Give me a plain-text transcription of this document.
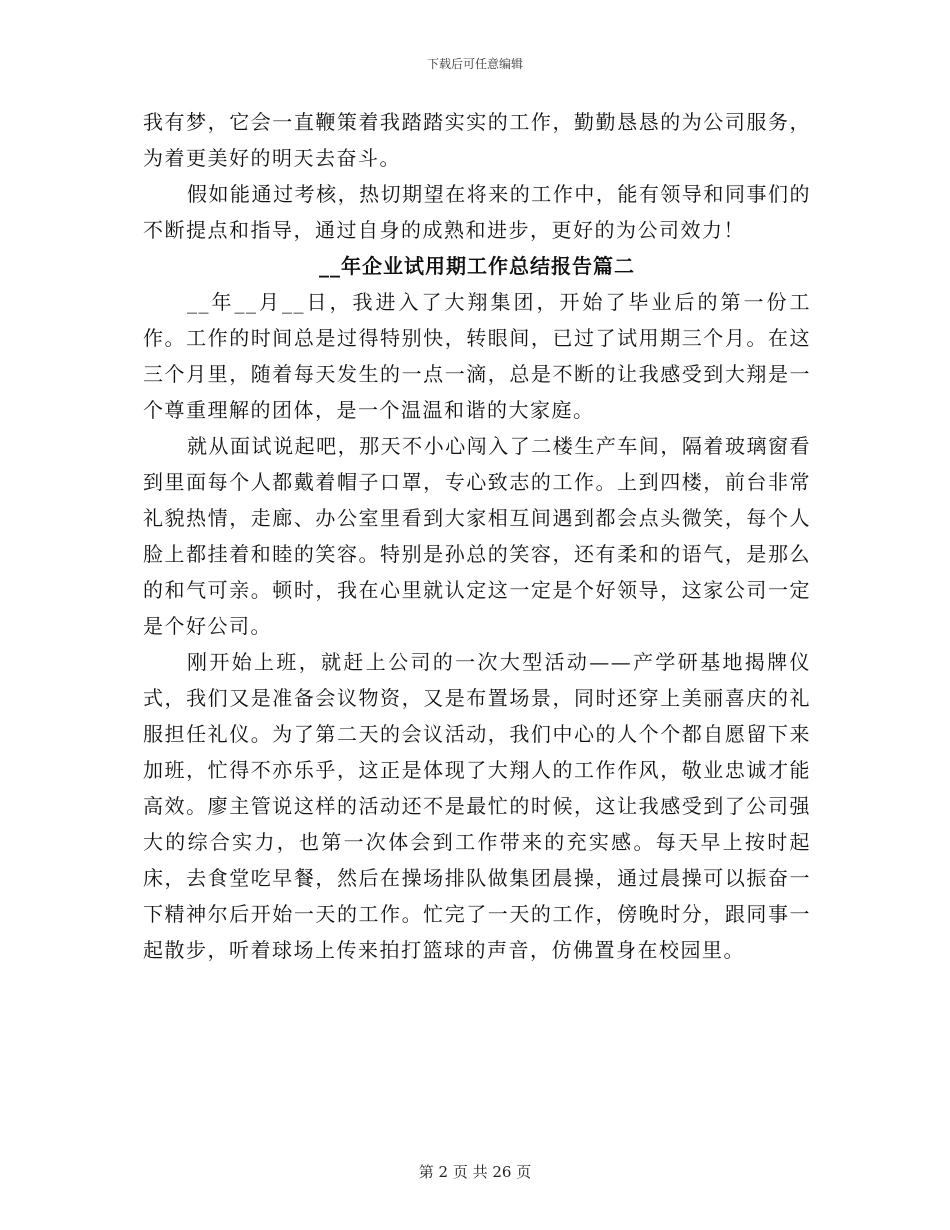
下载后可任意编辑

我有梦，它会一直鞭策着我踏踏实实的工作，勤勤恳恳的为公司服务，为着更美好的明天去奋斗。

假如能通过考核，热切期望在将来的工作中，能有领导和同事们的不断提点和指导，通过自身的成熟和进步，更好的为公司效力！

__年企业试用期工作总结报告篇二

__年__月__日，我进入了大翔集团，开始了毕业后的第一份工作。工作的时间总是过得特别快，转眼间，已过了试用期三个月。在这三个月里，随着每天发生的一点一滴，总是不断的让我感受到大翔是一个尊重理解的团体，是一个温温和谐的大家庭。

就从面试说起吧，那天不小心闯入了二楼生产车间，隔着玻璃窗看到里面每个人都戴着帽子口罩，专心致志的工作。上到四楼，前台非常礼貌热情，走廊、办公室里看到大家相互间遇到都会点头微笑，每个人脸上都挂着和睦的笑容。特别是孙总的笑容，还有柔和的语气，是那么的和气可亲。顿时，我在心里就认定这一定是个好领导，这家公司一定是个好公司。

刚开始上班，就赶上公司的一次大型活动——产学研基地揭牌仪式，我们又是准备会议物资，又是布置场景，同时还穿上美丽喜庆的礼服担任礼仪。为了第二天的会议活动，我们中心的人个个都自愿留下来加班，忙得不亦乐乎，这正是体现了大翔人的工作作风，敬业忠诚才能高效。廖主管说这样的活动还不是最忙的时候，这让我感受到了公司强大的综合实力，也第一次体会到工作带来的充实感。每天早上按时起床，去食堂吃早餐，然后在操场排队做集团晨操，通过晨操可以振奋一下精神尔后开始一天的工作。忙完了一天的工作，傍晚时分，跟同事一起散步，听着球场上传来拍打篮球的声音，仿佛置身在校园里。

第 2 页 共 26 页
